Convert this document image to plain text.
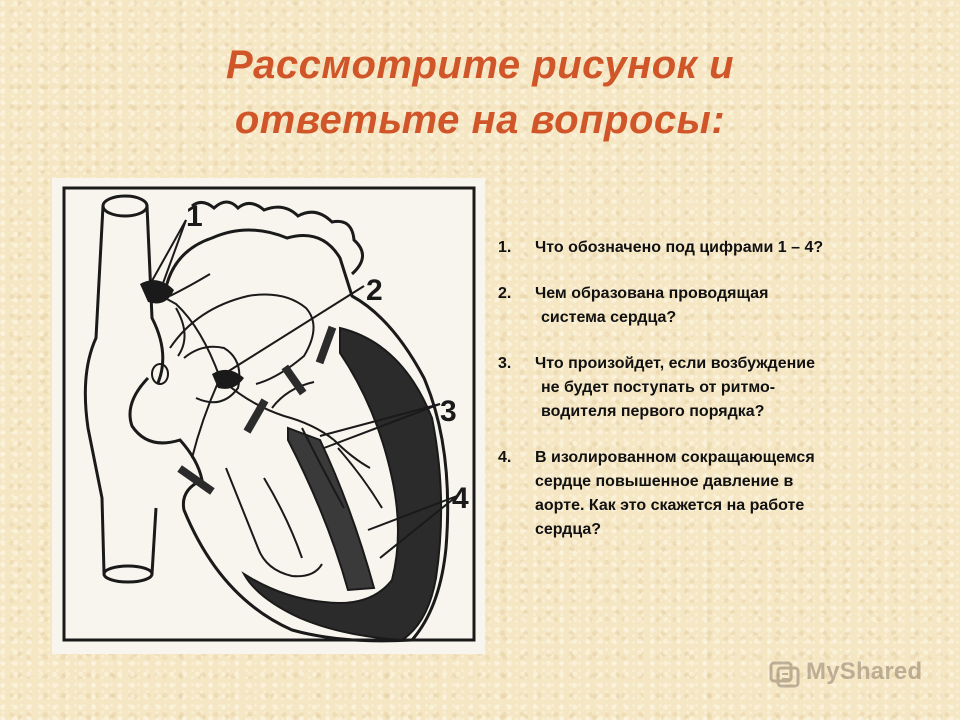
Рассмотрите рисунок и
ответьте на вопросы:
1
2
3
4
1. Что обозначено под цифрами 1 – 4?
2. Чем образована проводящая
система сердца?
3. Что произойдет, если возбуждение
не будет поступать от ритмо-
водителя первого порядка?
4. В изолированном сокращающемся
сердце повышенное давление в
аорте. Как это скажется на работе
сердца?
MyShared
